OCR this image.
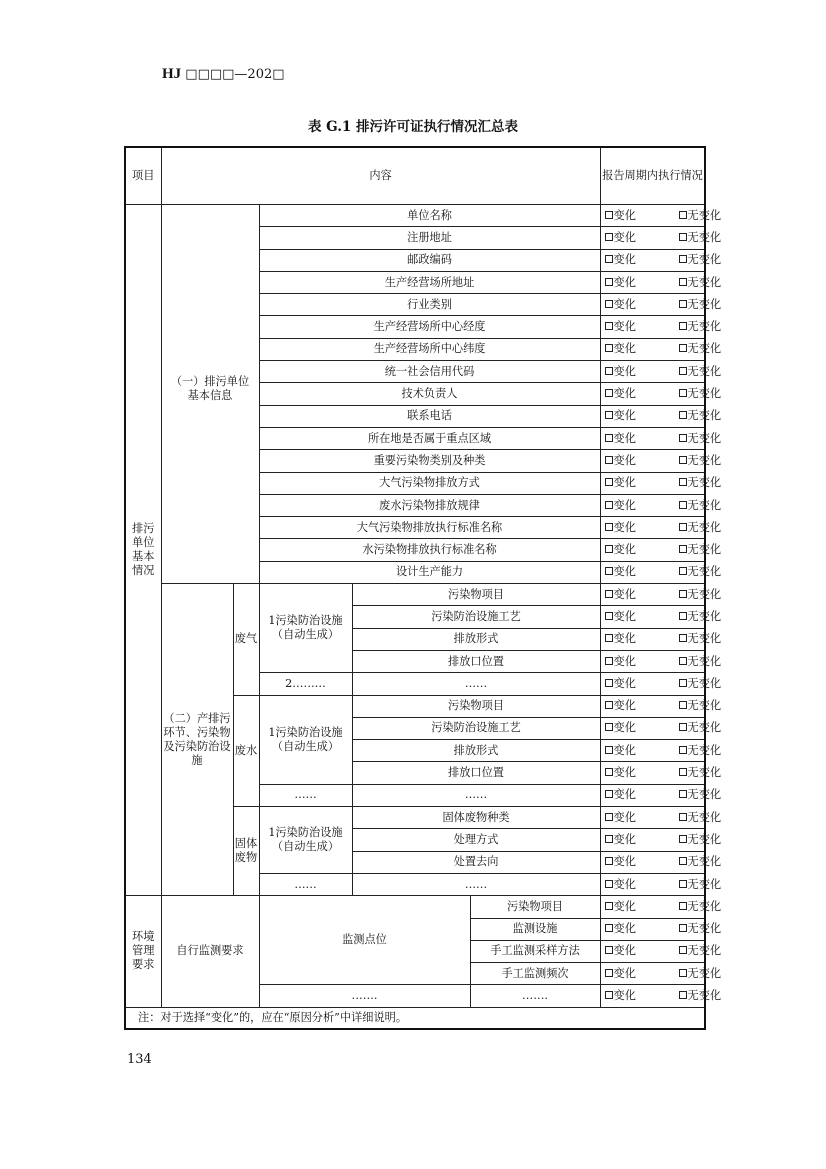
HJ □□□□—202□
表 G.1 排污许可证执行情况汇总表
项目	内容					报告周期内执行情况	
排污单位基本情况	（一）排污单位基本信息		单位名称			变化 无变化	
			注册地址			变化 无变化	
			邮政编码			变化 无变化	
			生产经营场所地址			变化 无变化	
			行业类别			变化 无变化	
			生产经营场所中心经度			变化 无变化	
			生产经营场所中心纬度			变化 无变化	
			统一社会信用代码			变化 无变化	
			技术负责人			变化 无变化	
			联系电话			变化 无变化	
			所在地是否属于重点区域			变化 无变化	
			重要污染物类别及种类			变化 无变化	
			大气污染物排放方式			变化 无变化	
			废水污染物排放规律			变化 无变化	
			大气污染物排放执行标准名称			变化 无变化	
			水污染物排放执行标准名称			变化 无变化	
			设计生产能力			变化 无变化	
	（二）产排污环节、污染物及污染防治设施	废气	1污染防治设施（自动生成）	污染物项目		变化 无变化	
				污染防治设施工艺		变化 无变化	
				排放形式		变化 无变化	
				排放口位置		变化 无变化	
			2………	……		变化 无变化	
		废水	1污染防治设施（自动生成）	污染物项目		变化 无变化	
				污染防治设施工艺		变化 无变化	
				排放形式		变化 无变化	
				排放口位置		变化 无变化	
			……	……		变化 无变化	
		固体废物	1污染防治设施（自动生成）	固体废物种类		变化 无变化	
				处理方式		变化 无变化	
				处置去向		变化 无变化	
			……	……		变化 无变化	
环境管理要求	自行监测要求		监测点位		污染物项目	变化 无变化	
					监测设施	变化 无变化	
					手工监测采样方法	变化 无变化	
					手工监测频次	变化 无变化	
			…….		…….	变化 无变化	
注：对于选择“变化”的，应在“原因分析”中详细说明。							
134
